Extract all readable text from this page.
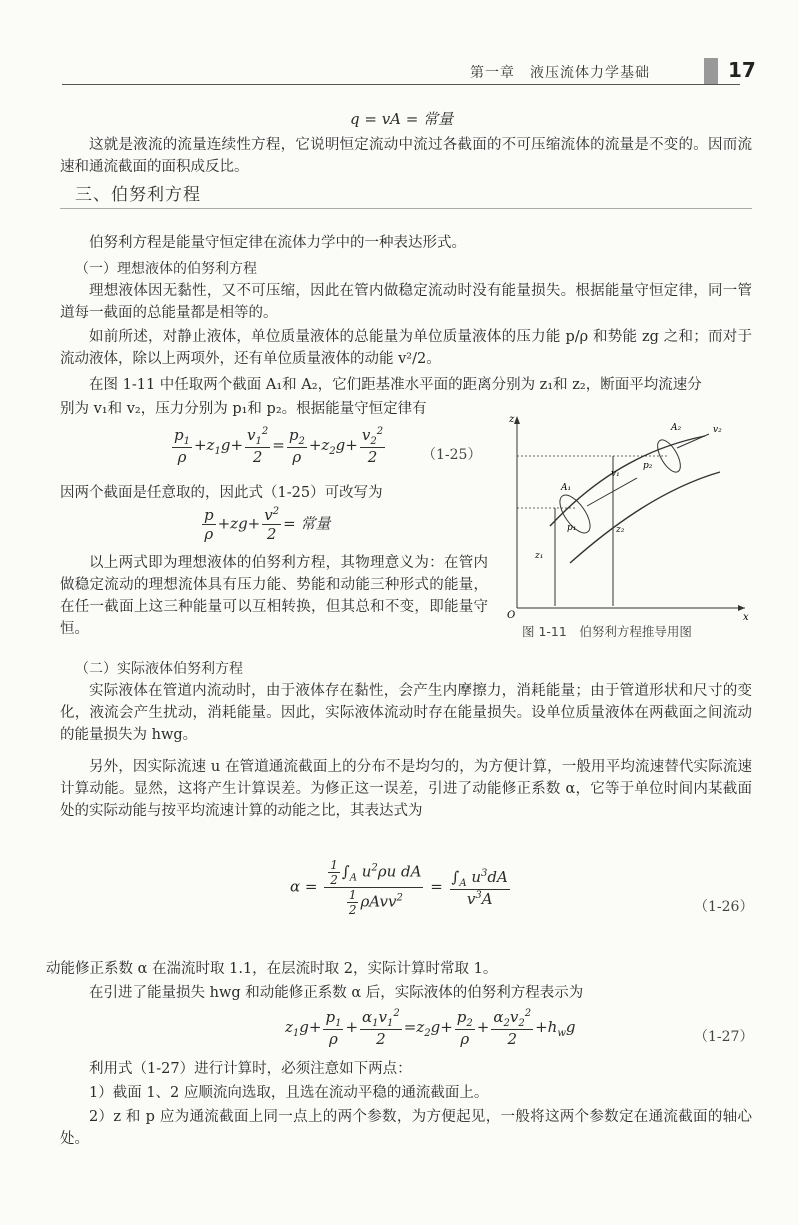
第一章　液压流体力学基础	17
q = vA = 常量
这就是液流的流量连续性方程，它说明恒定流动中流过各截面的不可压缩流体的流量是不变的。因而流速和通流截面的面积成反比。
三、伯努利方程
伯努利方程是能量守恒定律在流体力学中的一种表达形式。
（一）理想液体的伯努利方程
理想液体因无黏性，又不可压缩，因此在管内做稳定流动时没有能量损失。根据能量守恒定律，同一管道每一截面的总能量都是相等的。
如前所述，对静止液体，单位质量液体的总能量为单位质量液体的压力能 p/ρ 和势能 zg 之和；而对于流动液体，除以上两项外，还有单位质量液体的动能 v²/2。
在图 1-11 中任取两个截面 A₁和 A₂，它们距基准水平面的距离分别为 z₁和 z₂，断面平均流速分
别为 v₁和 v₂，压力分别为 p₁和 p₂。根据能量守恒定律有
$\frac{p_1}{\rho} +z_1g+ \frac{v_1^2}{2} = \frac{p_2}{\rho} +z_2g+ \frac{v_2^2}{2}$	（1-25）
因两个截面是任意取的，因此式（1-25）可改写为
$\frac{p}{\rho} +zg+ \frac{v^2}{2}$ = 常量
以上两式即为理想液体的伯努利方程，其物理意义为：在管内做稳定流动的理想流体具有压力能、势能和动能三种形式的能量，在任一截面上这三种能量可以互相转换，但其总和不变，即能量守恒。
z
x
O
A₁
A₂
v₁
v₂
p₁
p₂
z₁
z₂
图 1-11　伯努利方程推导用图
（二）实际液体伯努利方程
实际液体在管道内流动时，由于液体存在黏性，会产生内摩擦力，消耗能量；由于管道形状和尺寸的变化，液流会产生扰动，消耗能量。因此，实际液体流动时存在能量损失。设单位质量液体在两截面之间流动的能量损失为 hwg。
另外，因实际流速 u 在管道通流截面上的分布不是均匀的，为方便计算，一般用平均流速替代实际流速计算动能。显然，这将产生计算误差。为修正这一误差，引进了动能修正系数 α，它等于单位时间内某截面处的实际动能与按平均流速计算的动能之比，其表达式为
$\alpha = \frac{\frac{1}{2} \int_A u^2\rho u dA}{\frac{1}{2} \rho Avv^2} = \frac{\int_A u^3dA}{v^3A}$	（1-26）
动能修正系数 α 在湍流时取 1.1，在层流时取 2，实际计算时常取 1。
在引进了能量损失 hwg 和动能修正系数 α 后，实际液体的伯努利方程表示为
$z_1g+ \frac{p_1}{\rho} + \frac{\alpha_1v_1^2}{2} =z_2g+ \frac{p_2}{\rho} + \frac{\alpha_2v_2^2}{2} +h_wg$
（1-27）
利用式（1-27）进行计算时，必须注意如下两点：
1）截面 1、2 应顺流向选取，且选在流动平稳的通流截面上。
2）z 和 p 应为通流截面上同一点上的两个参数，为方便起见，一般将这两个参数定在通流截面的轴心处。
